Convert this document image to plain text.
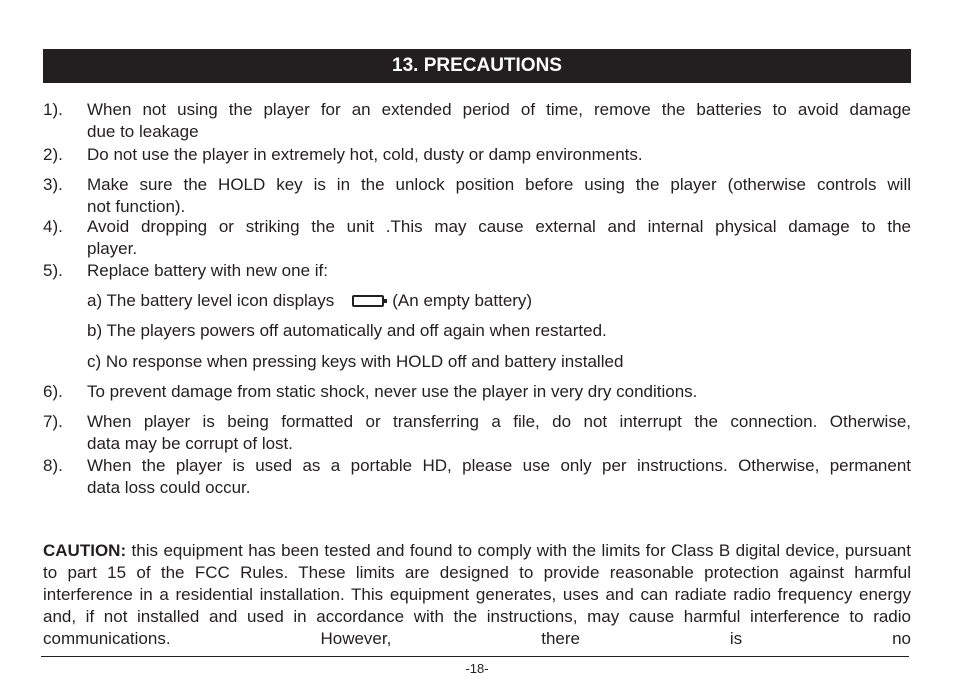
13. PRECAUTIONS
1). When not using the player for an extended period of time, remove the batteries to avoid damage
due to leakage
2). Do not use the player in extremely hot, cold, dusty or damp environments.
3). Make sure the HOLD key is in the unlock position before using the player (otherwise controls will
not function).
4). Avoid dropping or striking the unit .This may cause external and internal physical damage to the
player.
5). Replace battery with new one if:
a) The battery level icon displays	(An empty battery)
b) The players powers off automatically and off again when restarted.
c) No response when pressing keys with HOLD off and battery installed
6). To prevent damage from static shock, never use the player in very dry conditions.
7). When player is being formatted or transferring a file, do not interrupt the connection. Otherwise,
data may be corrupt of lost.
8). When the player is used as a portable HD, please use only per instructions. Otherwise, permanent
data loss could occur.
CAUTION: this equipment has been tested and found to comply with the limits for Class B digital device, pursuant to part 15 of the FCC Rules. These limits are designed to provide reasonable protection against harmful interference in a residential installation. This equipment generates, uses and can radiate radio frequency energy and, if not installed and used in accordance with the instructions, may cause harmful interference to radio communications. However, there is no
-18-
